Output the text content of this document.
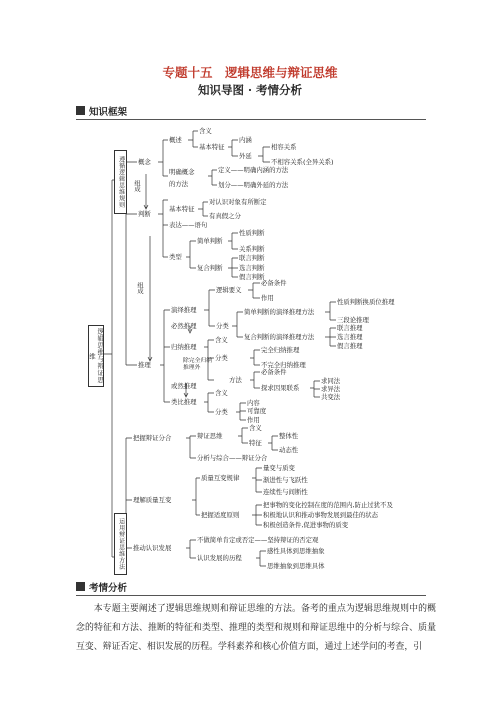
专题十五　逻辑思维与辩证思维
知识导图 · 考情分析
知识框架
逻辑思维与辩证思维
遵循逻辑思维规则
运用辩证思维方法
组成
组成
概念
概述
含义
基本特征
内涵
外延
相容关系
不相容关系(全异关系)
明确概念
的方法
定义——明确内涵的方法
划分——明确外延的方法
判断
基本特征
对认识对象有所断定
有真假之分
表达——语句
类型
简单判断
性质判断
关系判断
复合判断
联言判断
选言判断
假言判断
推理
演绎推理
必然推理
逻辑要义
必备条件
作用
分类
简单判断的演绎推理方法
性质判断换质位推理
三段论推理
复合判断的演绎推理方法
联言推理
选言推理
假言推理
归纳推理
含义
分类
完全归纳推理
不完全归纳推理
除完全归纳推理外	必备条件
方法
探求因果联系
求同法
求异法
共变法
或然推理
类比推理
含义
分类
内容
可靠度
作用
把握辩证分合	辩证思维
含义
特征
整体性
动态性
分析与综合——辩证分合
理解质量互变
质量互变规律
量变与质变
渐进性与飞跃性
连续性与间断性
把握适度原则
把事物的变化控制在度的范围内,防止过犹不及
积极地认识和推动事物发展到最佳的状态
积极创造条件,促进事物的质变
推动认识发展
不做简单肯定或否定——坚持辩证的否定观
认识发展的历程
感性具体到思维抽象
思维抽象到思维具体
考情分析

本专题主要阐述了逻辑思维规则和辩证思维的方法。备考的重点为逻辑思维规则中的概念的特征和方法、推断的特征和类型、推理的类型和规则和辩证思维中的分析与综合、质量互变、辩证否定、相识发展的历程。学科素养和核心价值方面，通过上述学问的考查，引
